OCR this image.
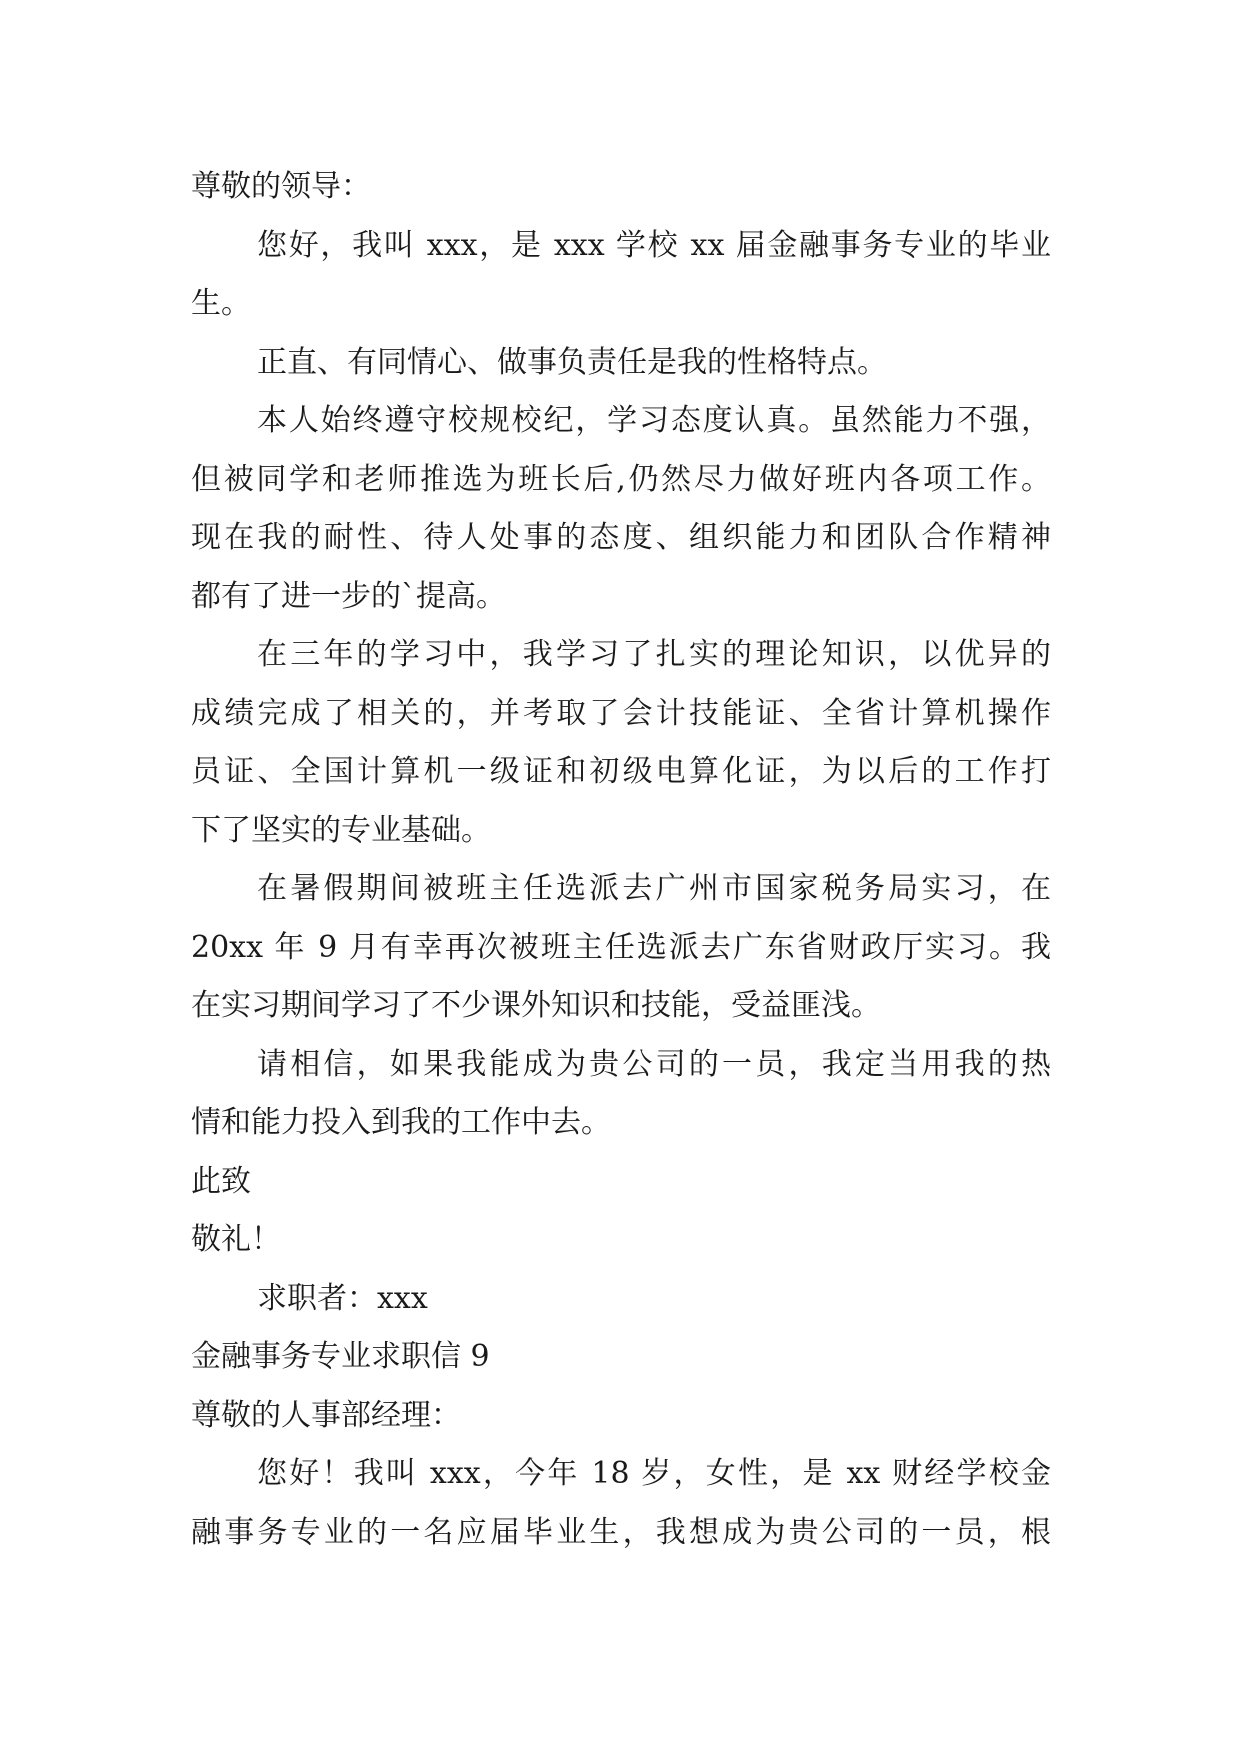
尊敬的领导：
您好，我叫 xxx，是 xxx 学校 xx 届金融事务专业的毕业
生。
正直、有同情心、做事负责任是我的性格特点。
本人始终遵守校规校纪，学习态度认真。虽然能力不强，
但被同学和老师推选为班长后,仍然尽力做好班内各项工作。
现在我的耐性、待人处事的态度、组织能力和团队合作精神
都有了进一步的`提高。
在三年的学习中，我学习了扎实的理论知识，以优异的
成绩完成了相关的，并考取了会计技能证、全省计算机操作
员证、全国计算机一级证和初级电算化证，为以后的工作打
下了坚实的专业基础。
在暑假期间被班主任选派去广州市国家税务局实习，在
20xx 年 9 月有幸再次被班主任选派去广东省财政厅实习。我
在实习期间学习了不少课外知识和技能，受益匪浅。
请相信，如果我能成为贵公司的一员，我定当用我的热
情和能力投入到我的工作中去。
此致
敬礼！
求职者：xxx
金融事务专业求职信 9
尊敬的人事部经理：
您好！我叫 xxx，今年 18 岁，女性，是 xx 财经学校金
融事务专业的一名应届毕业生，我想成为贵公司的一员，根
